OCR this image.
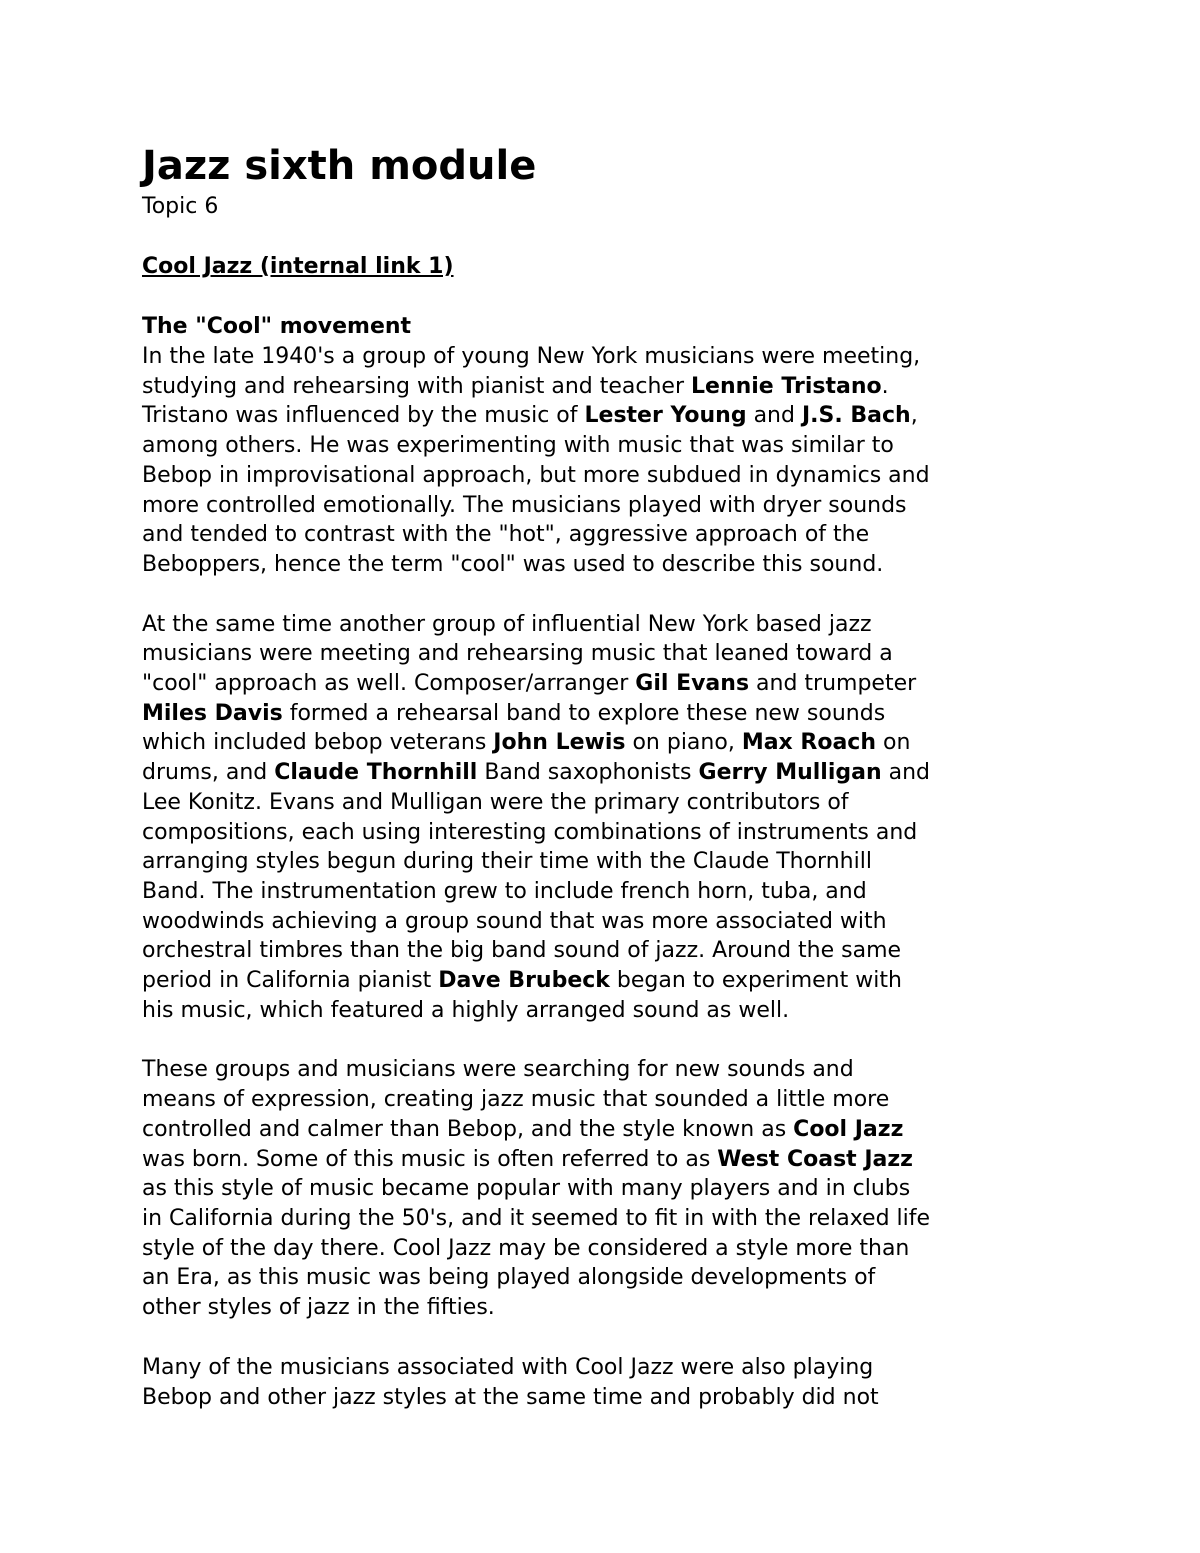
Jazz sixth module

Topic 6

Cool Jazz (internal link 1)

The "Cool" movement

In the late 1940's a group of young New York musicians were meeting,
studying and rehearsing with pianist and teacher Lennie Tristano.
Tristano was influenced by the music of Lester Young and J.S. Bach,
among others. He was experimenting with music that was similar to
Bebop in improvisational approach, but more subdued in dynamics and
more controlled emotionally. The musicians played with dryer sounds
and tended to contrast with the "hot", aggressive approach of the
Beboppers, hence the term "cool" was used to describe this sound.

At the same time another group of influential New York based jazz
musicians were meeting and rehearsing music that leaned toward a
"cool" approach as well. Composer/arranger Gil Evans and trumpeter
Miles Davis formed a rehearsal band to explore these new sounds
which included bebop veterans John Lewis on piano, Max Roach on
drums, and Claude Thornhill Band saxophonists Gerry Mulligan and
Lee Konitz. Evans and Mulligan were the primary contributors of
compositions, each using interesting combinations of instruments and
arranging styles begun during their time with the Claude Thornhill
Band. The instrumentation grew to include french horn, tuba, and
woodwinds achieving a group sound that was more associated with
orchestral timbres than the big band sound of jazz. Around the same
period in California pianist Dave Brubeck began to experiment with
his music, which featured a highly arranged sound as well.

These groups and musicians were searching for new sounds and
means of expression, creating jazz music that sounded a little more
controlled and calmer than Bebop, and the style known as Cool Jazz
was born. Some of this music is often referred to as West Coast Jazz
as this style of music became popular with many players and in clubs
in California during the 50's, and it seemed to fit in with the relaxed life
style of the day there. Cool Jazz may be considered a style more than
an Era, as this music was being played alongside developments of
other styles of jazz in the fifties.

Many of the musicians associated with Cool Jazz were also playing
Bebop and other jazz styles at the same time and probably did not
